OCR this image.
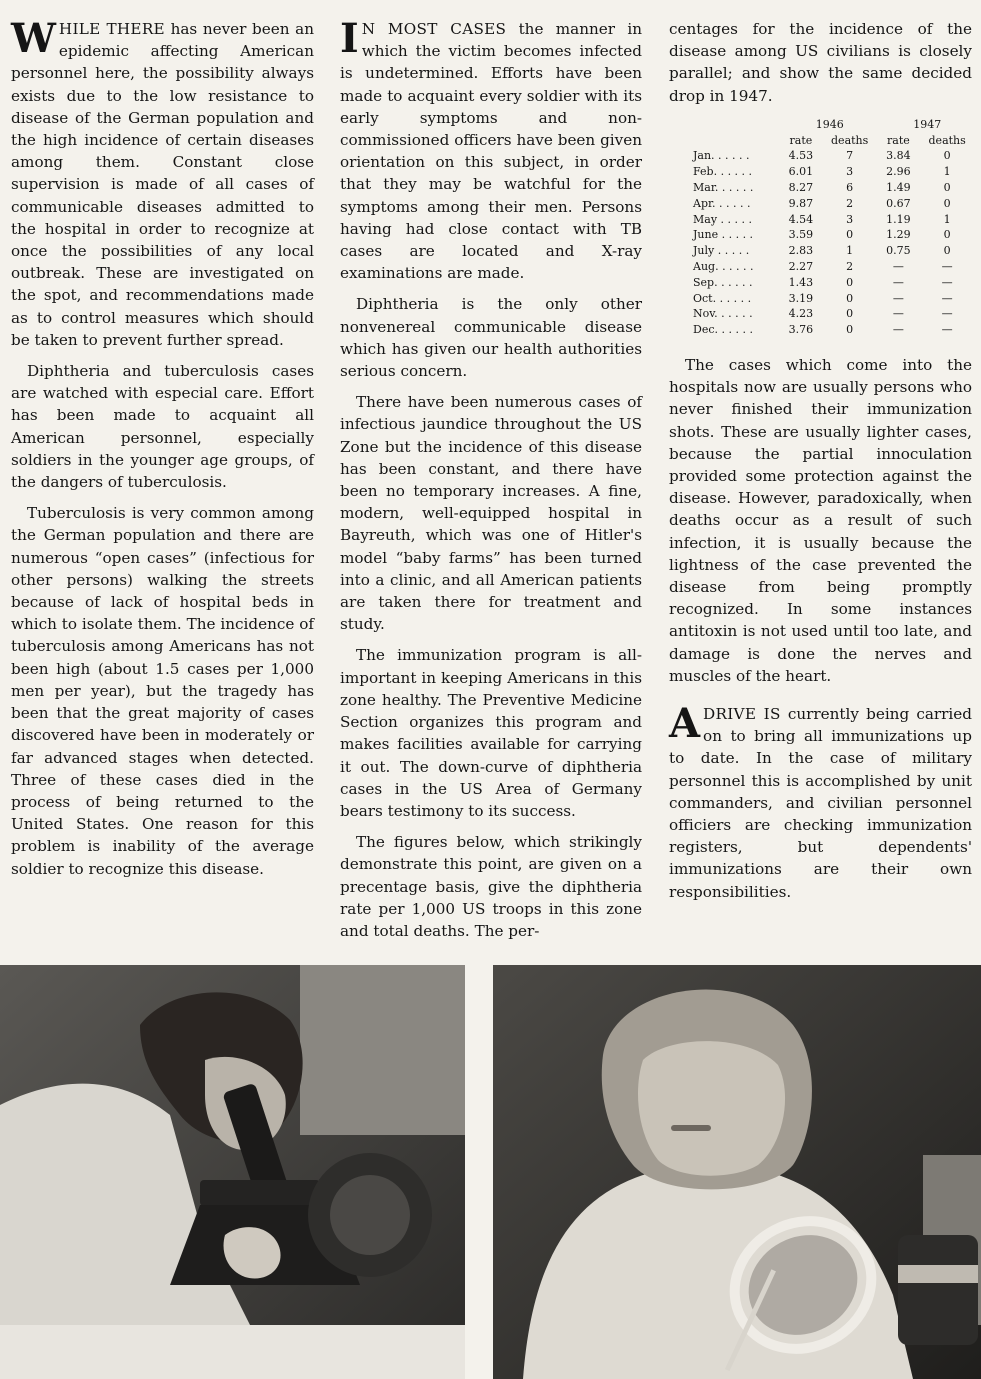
WHILE THERE has never been an epidemic affecting American personnel here, the possibility always exists due to the low resistance to disease of the German population and the high incidence of certain diseases among them. Constant close supervision is made of all cases of communicable diseases admitted to the hospital in order to recognize at once the possibilities of any local outbreak. These are investigated on the spot, and recommendations made as to control measures which should be taken to prevent further spread.

Diphtheria and tuberculosis cases are watched with especial care. Effort has been made to acquaint all American personnel, especially soldiers in the younger age groups, of the dangers of tuberculosis.

Tuberculosis is very common among the German population and there are numerous “open cases” (infectious for other persons) walking the streets because of lack of hospital beds in which to isolate them. The incidence of tuberculosis among Americans has not been high (about 1.5 cases per 1,000 men per year), but the tragedy has been that the great majority of cases discovered have been in moderately or far advanced stages when detected. Three of these cases died in the process of being returned to the United States. One reason for this problem is inability of the average soldier to recognize this disease.

I N MOST CASES the manner in which the victim becomes infected is undetermined. Efforts have been made to acquaint every soldier with its early symptoms and non-commissioned officers have been given orientation on this subject, in order that they may be watchful for the symptoms among their men. Persons having had close contact with TB cases are located and X-ray examinations are made.

Diphtheria is the only other nonvenereal communicable disease which has given our health authorities serious concern.

There have been numerous cases of infectious jaundice throughout the US Zone but the incidence of this disease has been constant, and there have been no temporary increases. A fine, modern, well-equipped hospital in Bayreuth, which was one of Hitler's model “baby farms” has been turned into a clinic, and all American patients are taken there for treatment and study.

The immunization program is all-important in keeping Americans in this zone healthy. The Preventive Medicine Section organizes this program and makes facilities available for carrying it out. The down-curve of diphtheria cases in the US Area of Germany bears testimony to its success.

The figures below, which strikingly demonstrate this point, are given on a precentage basis, give the diphtheria rate per 1,000 US troops in this zone and total deaths. The per-

centages for the incidence of the disease among US civilians is closely parallel; and show the same decided drop in 1947.

	1946		1947	
	rate	deaths	rate	deaths
Jan. . . . . .	4.53	7	3.84	0
Feb. . . . . .	6.01	3	2.96	1
Mar. . . . . .	8.27	6	1.49	0
Apr. . . . . .	9.87	2	0.67	0
May . . . . .	4.54	3	1.19	1
June . . . . .	3.59	0	1.29	0
July . . . . .	2.83	1	0.75	0
Aug. . . . . .	2.27	2	—	—
Sep. . . . . .	1.43	0	—	—
Oct. . . . . .	3.19	0	—	—
Nov. . . . . .	4.23	0	—	—
Dec. . . . . .	3.76	0	—	—

The cases which come into the hospitals now are usually persons who never finished their immunization shots. These are usually lighter cases, because the partial innoculation provided some protection against the disease. However, paradoxically, when deaths occur as a result of such infection, it is usually because the lightness of the case prevented the disease from being promptly recognized. In some instances antitoxin is not used until too late, and damage is done the nerves and muscles of the heart.

ADRIVE IS currently being carried on to bring all immunizations up to date. In the case of military personnel this is accomplished by unit commanders, and civilian personnel officiers are checking immunization registers, but dependents' immunizations are their own responsibilities.
